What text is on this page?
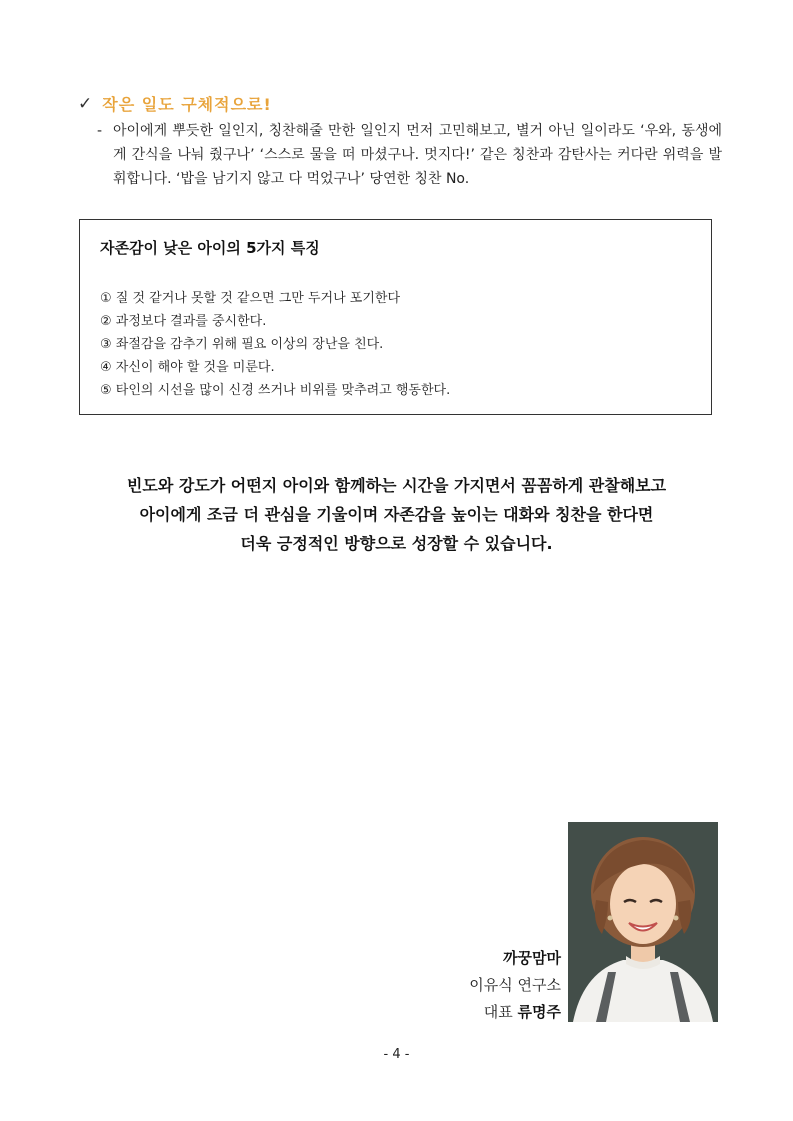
✓ 작은 일도 구체적으로!
- 아이에게 뿌듯한 일인지, 칭찬해줄 만한 일인지 먼저 고민해보고, 별거 아닌 일이라도 ‘우와, 동생에게 간식을 나눠 줬구나’ ‘스스로 물을 떠 마셨구나. 멋지다!’ 같은 칭찬과 감탄사는 커다란 위력을 발휘합니다. ‘밥을 남기지 않고 다 먹었구나’ 당연한 칭찬 No.
자존감이 낮은 아이의 5가지 특징
① 질 것 같거나 못할 것 같으면 그만 두거나 포기한다
② 과정보다 결과를 중시한다.
③ 좌절감을 감추기 위해 필요 이상의 장난을 친다.
④ 자신이 해야 할 것을 미룬다.
⑤ 타인의 시선을 많이 신경 쓰거나 비위를 맞추려고 행동한다.
빈도와 강도가 어떤지 아이와 함께하는 시간을 가지면서 꼼꼼하게 관찰해보고
아이에게 조금 더 관심을 기울이며 자존감을 높이는 대화와 칭찬을 한다면
더욱 긍정적인 방향으로 성장할 수 있습니다.
까꿍맘마
이유식 연구소
대표 류명주
- 4 -
